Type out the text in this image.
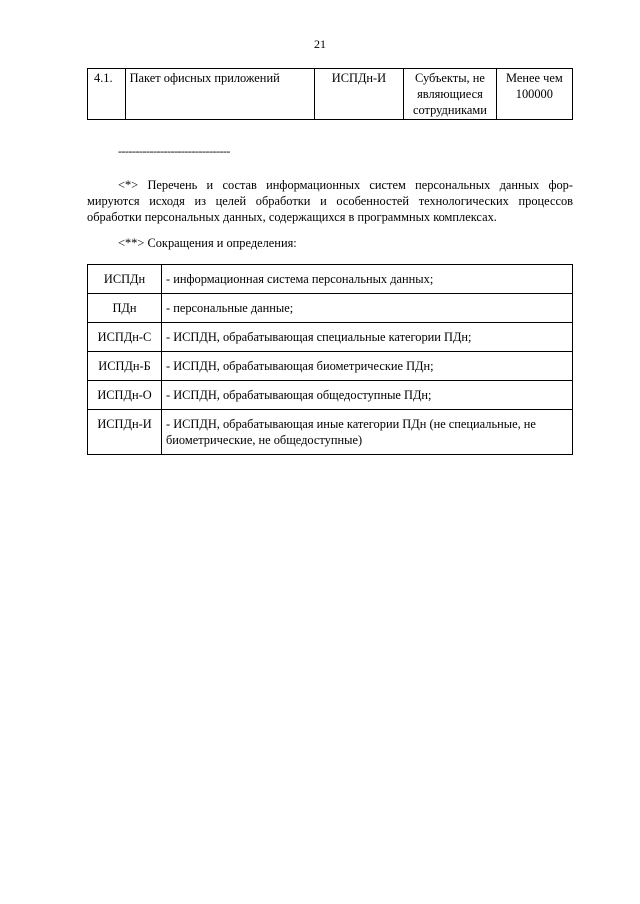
21
4.1.	Пакет офисных приложений	ИСПДн-И	Субъекты, не являющиеся сотрудниками	Менее чем 100000
--------------------------------
<*> Перечень и состав информационных систем персональных данных фор-мируются исходя из целей обработки и особенностей технологических процессов обработки персональных данных, содержащихся в программных комплексах.
<**> Сокращения и определения:
ИСПДн	- информационная система персональных данных;
ПДн	- персональные данные;
ИСПДн-С	- ИСПДН, обрабатывающая специальные категории ПДн;
ИСПДн-Б	- ИСПДН, обрабатывающая биометрические ПДн;
ИСПДн-О	- ИСПДН, обрабатывающая общедоступные ПДн;
ИСПДн-И	- ИСПДН, обрабатывающая иные категории ПДн (не специальные, не биометрические, не общедоступные)
